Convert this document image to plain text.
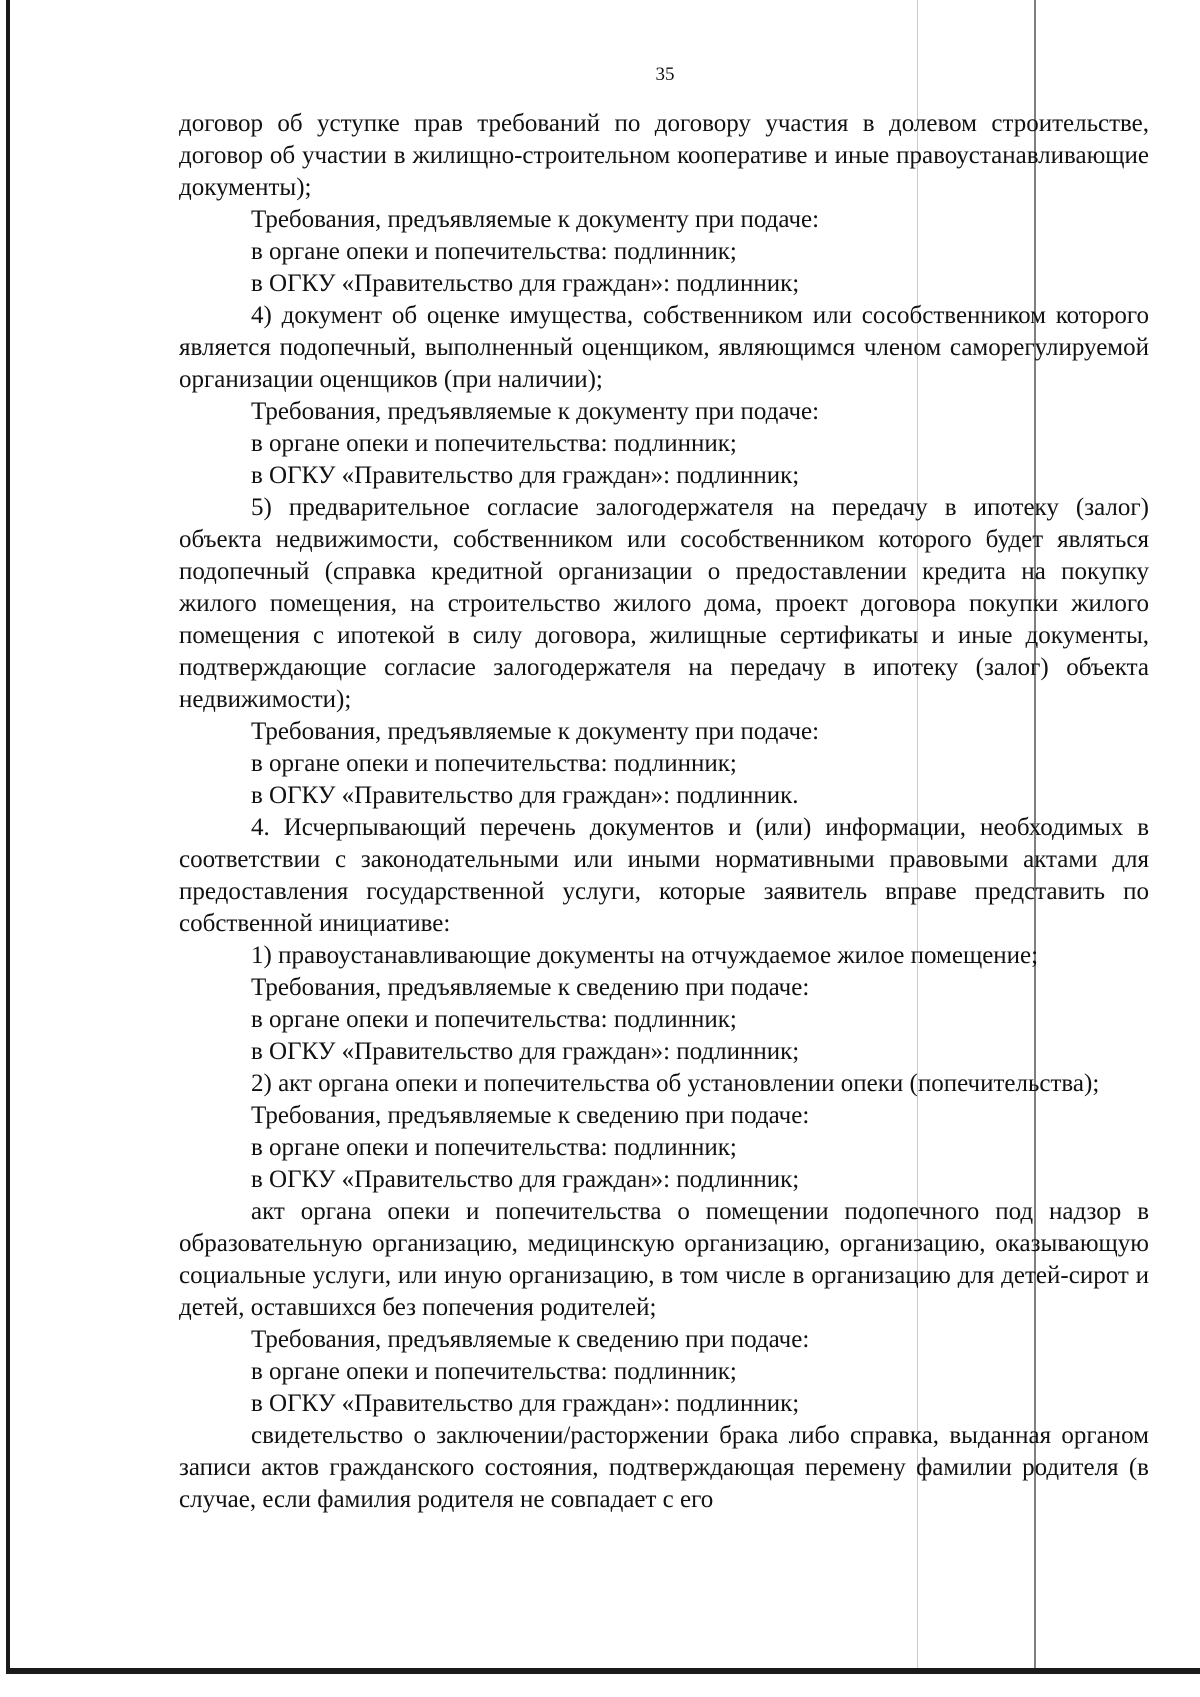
35

договор об уступке прав требований по договору участия в долевом строительстве, договор об участии в жилищно-строительном кооперативе и иные правоустанавливающие документы);

Требования, предъявляемые к документу при подаче:

в органе опеки и попечительства: подлинник;

в ОГКУ «Правительство для граждан»: подлинник;

4) документ об оценке имущества, собственником или сособственником которого является подопечный, выполненный оценщиком, являющимся членом саморегулируемой организации оценщиков (при наличии);

Требования, предъявляемые к документу при подаче:

в органе опеки и попечительства: подлинник;

в ОГКУ «Правительство для граждан»: подлинник;

5) предварительное согласие залогодержателя на передачу в ипотеку (залог) объекта недвижимости, собственником или сособственником которого будет являться подопечный (справка кредитной организации о предоставлении кредита на покупку жилого помещения, на строительство жилого дома, проект договора покупки жилого помещения с ипотекой в силу договора, жилищные сертификаты и иные документы, подтверждающие согласие залогодержателя на передачу в ипотеку (залог) объекта недвижимости);

Требования, предъявляемые к документу при подаче:

в органе опеки и попечительства: подлинник;

в ОГКУ «Правительство для граждан»: подлинник.

4. Исчерпывающий перечень документов и (или) информации, необходимых в соответствии с законодательными или иными нормативными правовыми актами для предоставления государственной услуги, которые заявитель вправе представить по собственной инициативе:

1) правоустанавливающие документы на отчуждаемое жилое помещение;

Требования, предъявляемые к сведению при подаче:

в органе опеки и попечительства: подлинник;

в ОГКУ «Правительство для граждан»: подлинник;

2) акт органа опеки и попечительства об установлении опеки (попечительства);

Требования, предъявляемые к сведению при подаче:

в органе опеки и попечительства: подлинник;

в ОГКУ «Правительство для граждан»: подлинник;

акт органа опеки и попечительства о помещении подопечного под надзор в образовательную организацию, медицинскую организацию, организацию, оказывающую социальные услуги, или иную организацию, в том числе в организацию для детей-сирот и детей, оставшихся без попечения родителей;

Требования, предъявляемые к сведению при подаче:

в органе опеки и попечительства: подлинник;

в ОГКУ «Правительство для граждан»: подлинник;

свидетельство о заключении/расторжении брака либо справка, выданная органом записи актов гражданского состояния, подтверждающая перемену фамилии родителя (в случае, если фамилия родителя не совпадает с его
